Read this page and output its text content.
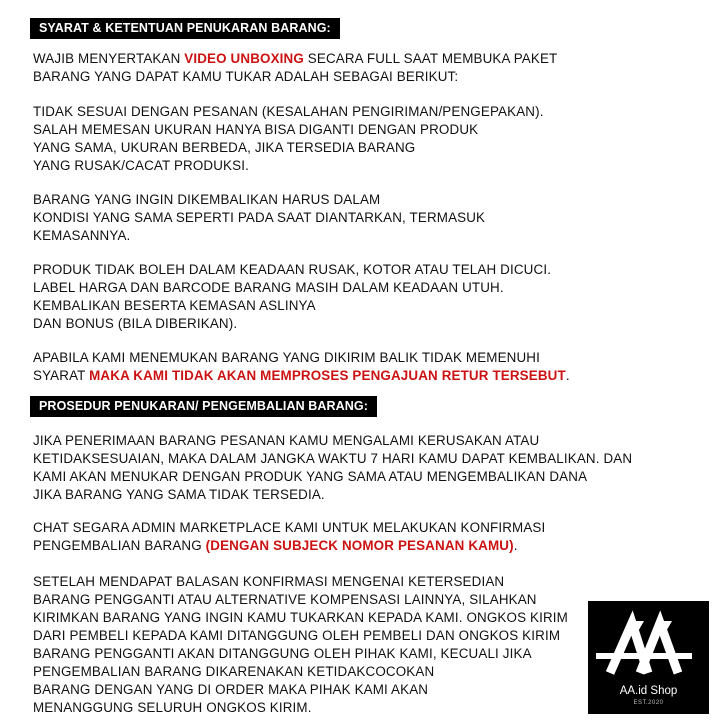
SYARAT & KETENTUAN PENUKARAN BARANG:
WAJIB MENYERTAKAN VIDEO UNBOXING SECARA FULL SAAT MEMBUKA PAKET
BARANG YANG DAPAT KAMU TUKAR ADALAH SEBAGAI BERIKUT:
TIDAK SESUAI DENGAN PESANAN (KESALAHAN PENGIRIMAN/PENGEPAKAN).
SALAH MEMESAN UKURAN HANYA BISA DIGANTI DENGAN PRODUK
YANG SAMA, UKURAN BERBEDA, JIKA TERSEDIA BARANG
YANG RUSAK/CACAT PRODUKSI.
BARANG YANG INGIN DIKEMBALIKAN HARUS DALAM
KONDISI YANG SAMA SEPERTI PADA SAAT DIANTARKAN, TERMASUK
KEMASANNYA.
PRODUK TIDAK BOLEH DALAM KEADAAN RUSAK, KOTOR ATAU TELAH DICUCI.
LABEL HARGA DAN BARCODE BARANG MASIH DALAM KEADAAN UTUH.
KEMBALIKAN BESERTA KEMASAN ASLINYA
DAN BONUS (BILA DIBERIKAN).
APABILA KAMI MENEMUKAN BARANG YANG DIKIRIM BALIK TIDAK MEMENUHI
SYARAT MAKA KAMI TIDAK AKAN MEMPROSES PENGAJUAN RETUR TERSEBUT.
PROSEDUR PENUKARAN/ PENGEMBALIAN BARANG:
JIKA PENERIMAAN BARANG PESANAN KAMU MENGALAMI KERUSAKAN ATAU
KETIDAKSESUAIAN, MAKA DALAM JANGKA WAKTU 7 HARI KAMU DAPAT KEMBALIKAN. DAN
KAMI AKAN MENUKAR DENGAN PRODUK YANG SAMA ATAU MENGEMBALIKAN DANA
JIKA BARANG YANG SAMA TIDAK TERSEDIA.
CHAT SEGARA ADMIN MARKETPLACE KAMI UNTUK MELAKUKAN KONFIRMASI
PENGEMBALIAN BARANG (DENGAN SUBJECK NOMOR PESANAN KAMU).
SETELAH MENDAPAT BALASAN KONFIRMASI MENGENAI KETERSEDIAN
BARANG PENGGANTI ATAU ALTERNATIVE KOMPENSASI LAINNYA, SILAHKAN
KIRIMKAN BARANG YANG INGIN KAMU TUKARKAN KEPADA KAMI. ONGKOS KIRIM
DARI PEMBELI KEPADA KAMI DITANGGUNG OLEH PEMBELI DAN ONGKOS KIRIM
BARANG PENGGANTI AKAN DITANGGUNG OLEH PIHAK KAMI, KECUALI JIKA
PENGEMBALIAN BARANG DIKARENAKAN KETIDAKCOCOKAN
BARANG DENGAN YANG DI ORDER MAKA PIHAK KAMI AKAN
MENANGGUNG SELURUH ONGKOS KIRIM.
AA.id Shop
EST.2020
